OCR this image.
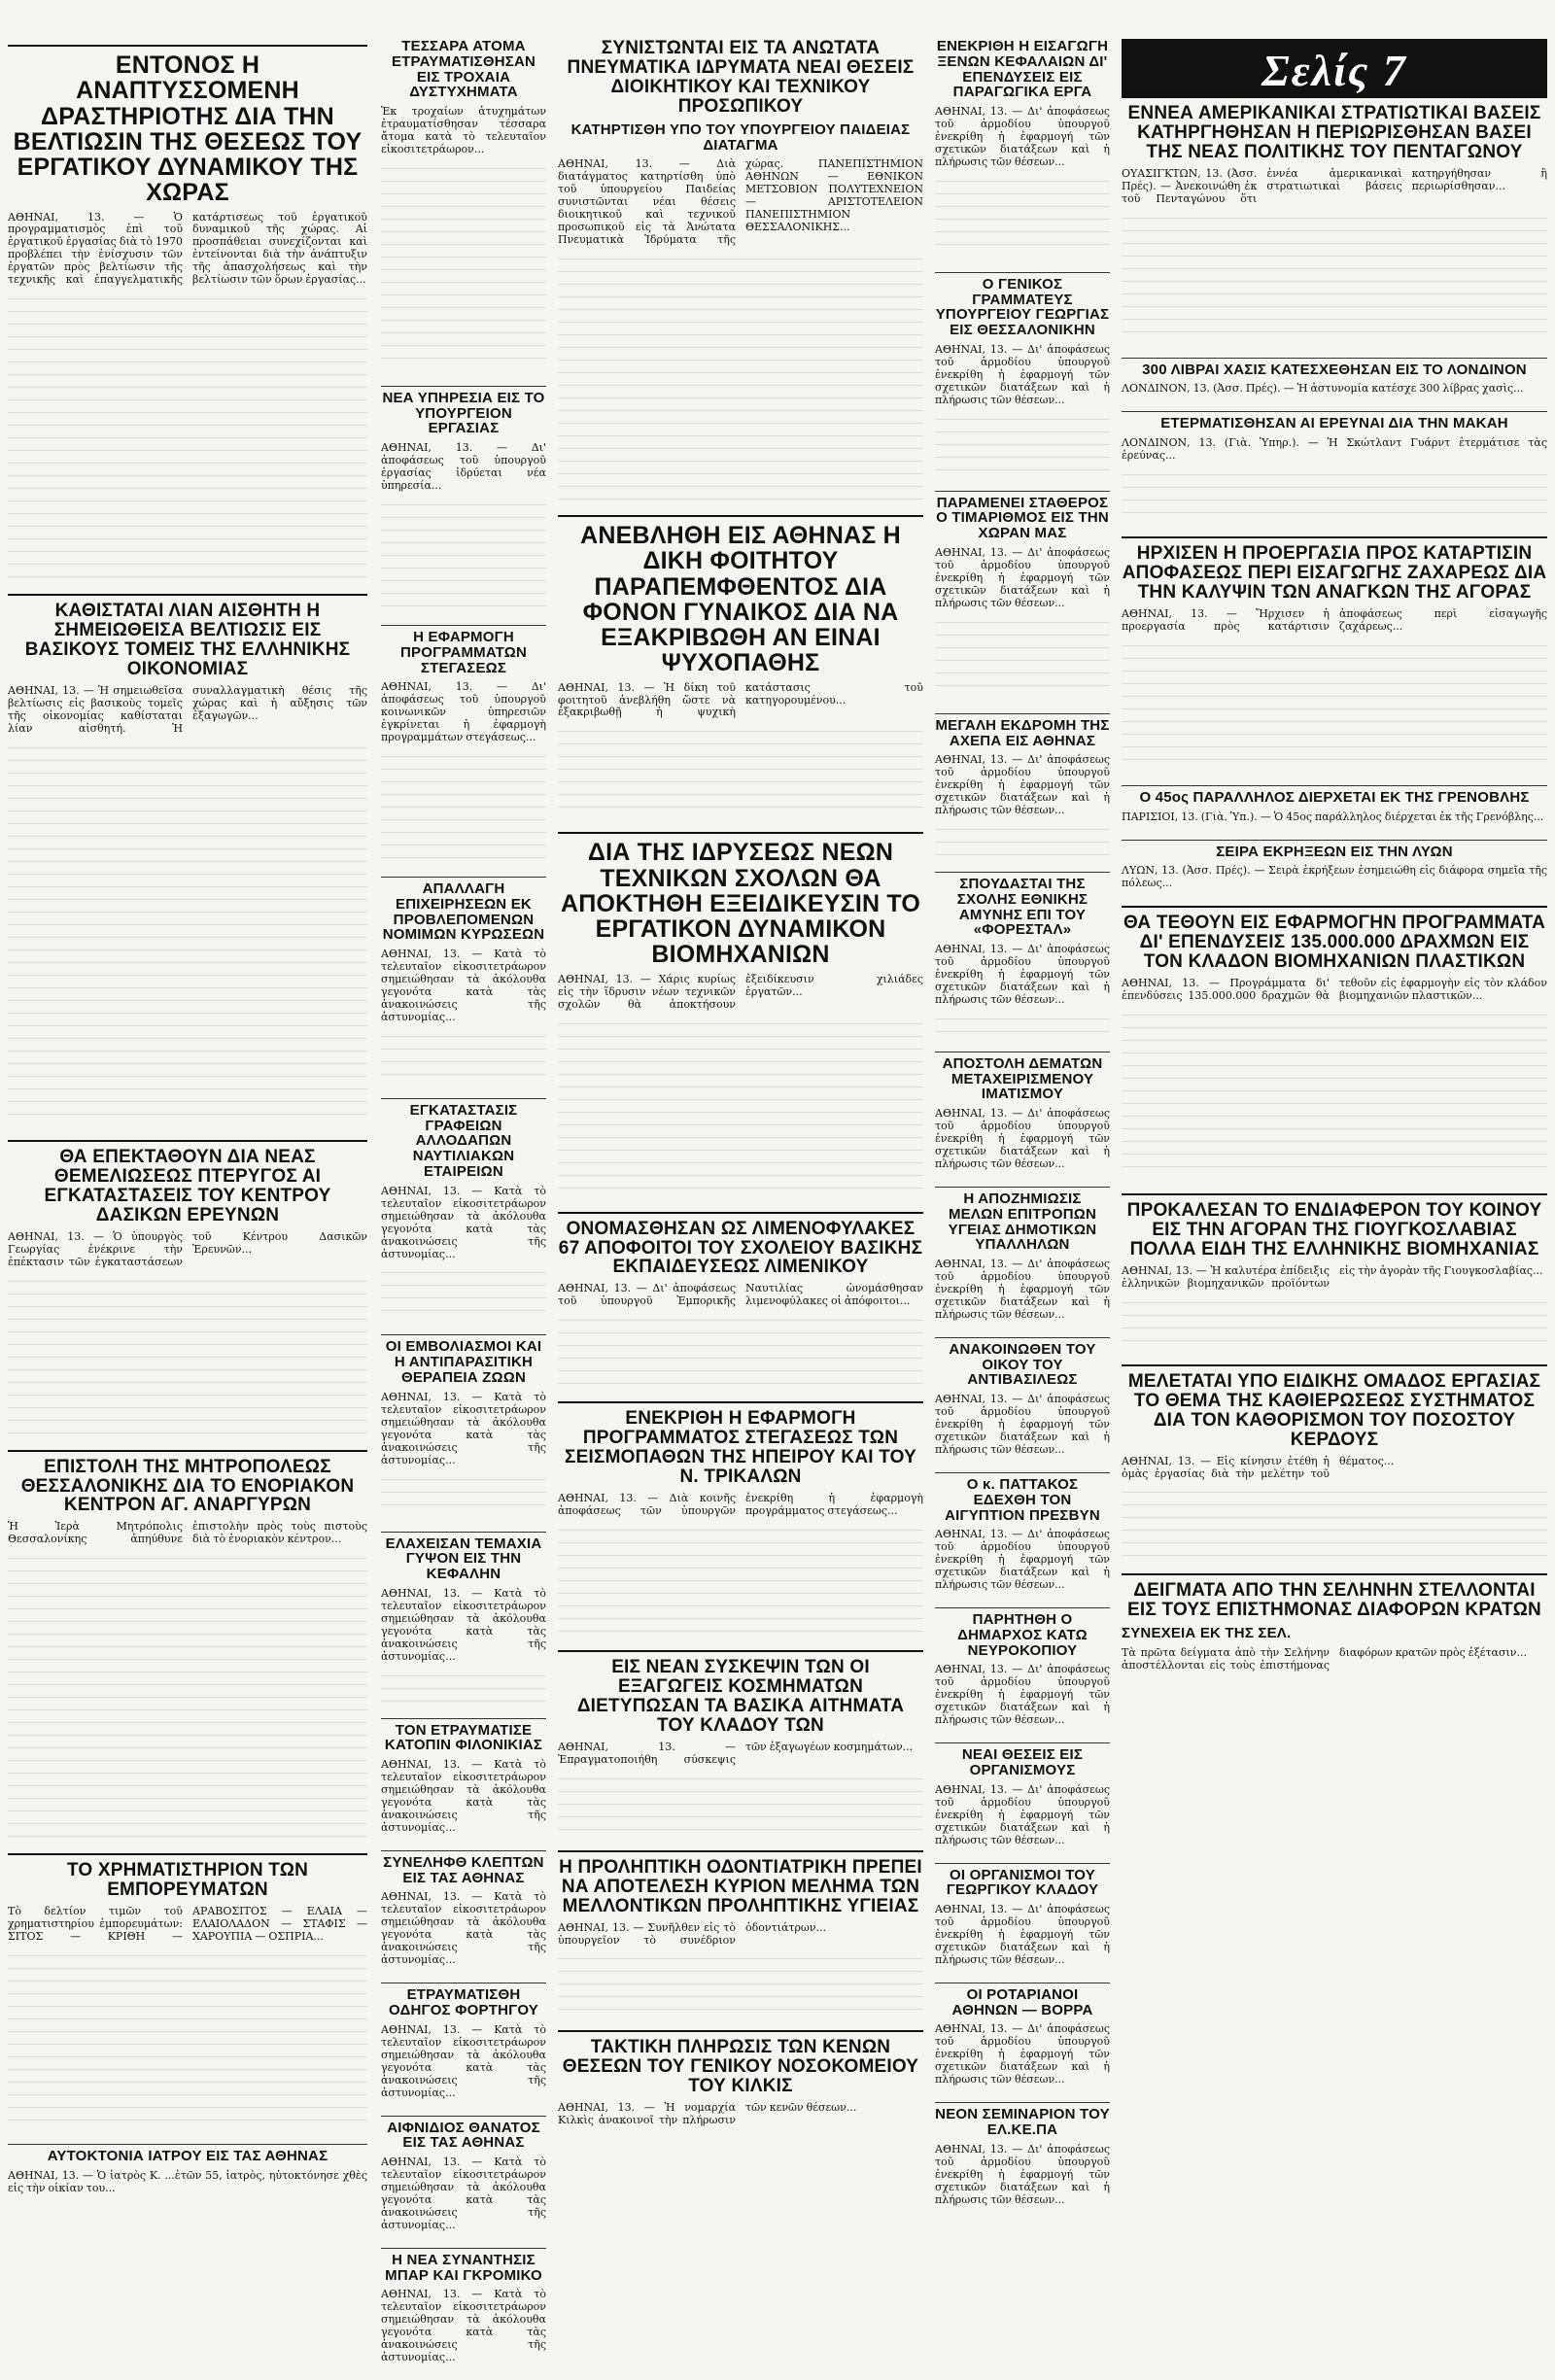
ΕΝΤΟΝΟΣ Η ΑΝΑΠΤΥΣΣΟΜΕΝΗ ΔΡΑΣΤΗΡΙΟΤΗΣ ΔΙΑ ΤΗΝ ΒΕΛΤΙΩΣΙΝ ΤΗΣ ΘΕΣΕΩΣ ΤΟΥ ΕΡΓΑΤΙΚΟΥ ΔΥΝΑΜΙΚΟΥ ΤΗΣ ΧΩΡΑΣ

ΑΘΗΝΑΙ, 13. — Ὁ προγραμματισμὸς ἐπὶ τοῦ ἐργατικοῦ ἐργασίας διὰ τὸ 1970 προβλέπει τὴν ἐνίσχυσιν τῶν ἐργατῶν πρὸς βελτίωσιν τῆς τεχνικῆς καὶ ἐπαγγελματικῆς κατάρτισεως τοῦ ἐργατικοῦ δυναμικοῦ τῆς χώρας. Αἱ προσπάθειαι συνεχίζονται καὶ ἐντείνονται διὰ τὴν ἀνάπτυξιν τῆς ἀπασχολήσεως καὶ τὴν βελτίωσιν τῶν ὅρων ἐργασίας...

ΚΑΘΙΣΤΑΤΑΙ ΛΙΑΝ ΑΙΣΘΗΤΗ Η ΣΗΜΕΙΩΘΕΙΣΑ ΒΕΛΤΙΩΣΙΣ ΕΙΣ ΒΑΣΙΚΟΥΣ ΤΟΜΕΙΣ ΤΗΣ ΕΛΛΗΝΙΚΗΣ ΟΙΚΟΝΟΜΙΑΣ

ΑΘΗΝΑΙ, 13. — Ἡ σημειωθεῖσα βελτίωσις εἰς βασικοὺς τομεῖς τῆς οἰκονομίας καθίσταται λίαν αἰσθητή. Ἡ συναλλαγματικὴ θέσις τῆς χώρας καὶ ἡ αὔξησις τῶν ἐξαγωγῶν...

ΘΑ ΕΠΕΚΤΑΘΟΥΝ ΔΙΑ ΝΕΑΣ ΘΕΜΕΛΙΩΣΕΩΣ ΠΤΕΡΥΓΟΣ ΑΙ ΕΓΚΑΤΑΣΤΑΣΕΙΣ ΤΟΥ ΚΕΝΤΡΟΥ ΔΑΣΙΚΩΝ ΕΡΕΥΝΩΝ

ΑΘΗΝΑΙ, 13. — Ὁ ὑπουργὸς Γεωργίας ἐνέκρινε τὴν ἐπέκτασιν τῶν ἐγκαταστάσεων τοῦ Κέντρου Δασικῶν Ἐρευνῶν...

ΕΠΙΣΤΟΛΗ ΤΗΣ ΜΗΤΡΟΠΟΛΕΩΣ ΘΕΣΣΑΛΟΝΙΚΗΣ ΔΙΑ ΤΟ ΕΝΟΡΙΑΚΟΝ ΚΕΝΤΡΟΝ ΑΓ. ΑΝΑΡΓΥΡΩΝ

Ἡ Ἱερὰ Μητρόπολις Θεσσαλονίκης ἀπηύθυνε ἐπιστολὴν πρὸς τοὺς πιστοὺς διὰ τὸ ἐνοριακὸν κέντρον...

ΤΟ ΧΡΗΜΑΤΙΣΤΗΡΙΟΝ ΤΩΝ ΕΜΠΟΡΕΥΜΑΤΩΝ

Τὸ δελτίον τιμῶν τοῦ χρηματιστηρίου ἐμπορευμάτων: ΣΙΤΟΣ — ΚΡΙΘΗ — ΑΡΑΒΟΣΙΤΟΣ — ΕΛΑΙΑ — ΕΛΑΙΟΛΑΔΟΝ — ΣΤΑΦΙΣ — ΧΑΡΟΥΠΙΑ — ΟΣΠΡΙΑ...

ΑΥΤΟΚΤΟΝΙΑ ΙΑΤΡΟΥ ΕΙΣ ΤΑΣ ΑΘΗΝΑΣ

ΑΘΗΝΑΙ, 13. — Ὁ ἰατρὸς Κ. ...ἐτῶν 55, ἰατρὸς, ηὐτοκτόνησε χθὲς εἰς τὴν οἰκίαν του...

ΤΕΣΣΑΡΑ ΑΤΟΜΑ ΕΤΡΑΥΜΑΤΙΣΘΗΣΑΝ ΕΙΣ ΤΡΟΧΑΙΑ ΔΥΣΤΥΧΗΜΑΤΑ

Ἐκ τροχαίων ἀτυχημάτων ἐτραυματίσθησαν τέσσαρα ἄτομα κατὰ τὸ τελευταῖον εἰκοσιτετράωρον...

ΝΕΑ ΥΠΗΡΕΣΙΑ ΕΙΣ ΤΟ ΥΠΟΥΡΓΕΙΟΝ ΕΡΓΑΣΙΑΣ

ΑΘΗΝΑΙ, 13. — Δι' ἀποφάσεως τοῦ ὑπουργοῦ ἐργασίας ἱδρύεται νέα ὑπηρεσία...

Η ΕΦΑΡΜΟΓΗ ΠΡΟΓΡΑΜΜΑΤΩΝ ΣΤΕΓΑΣΕΩΣ

ΑΘΗΝΑΙ, 13. — Δι' ἀποφάσεως τοῦ ὑπουργοῦ κοινωνικῶν ὑπηρεσιῶν ἐγκρίνεται ἡ ἐφαρμογὴ προγραμμάτων στεγάσεως...

ΑΠΑΛΛΑΓΗ ΕΠΙΧΕΙΡΗΣΕΩΝ ΕΚ ΠΡΟΒΛΕΠΟΜΕΝΩΝ ΝΟΜΙΜΩΝ ΚΥΡΩΣΕΩΝ

ΑΘΗΝΑΙ, 13. — Κατὰ τὸ τελευταῖον εἰκοσιτετράωρον σημειώθησαν τὰ ἀκόλουθα γεγονότα κατὰ τὰς ἀνακοινώσεις τῆς ἀστυνομίας...

ΕΓΚΑΤΑΣΤΑΣΙΣ ΓΡΑΦΕΙΩΝ ΑΛΛΟΔΑΠΩΝ ΝΑΥΤΙΛΙΑΚΩΝ ΕΤΑΙΡΕΙΩΝ

ΑΘΗΝΑΙ, 13. — Κατὰ τὸ τελευταῖον εἰκοσιτετράωρον σημειώθησαν τὰ ἀκόλουθα γεγονότα κατὰ τὰς ἀνακοινώσεις τῆς ἀστυνομίας...

ΟΙ ΕΜΒΟΛΙΑΣΜΟΙ ΚΑΙ Η ΑΝΤΙΠΑΡΑΣΙΤΙΚΗ ΘΕΡΑΠΕΙΑ ΖΩΩΝ

ΑΘΗΝΑΙ, 13. — Κατὰ τὸ τελευταῖον εἰκοσιτετράωρον σημειώθησαν τὰ ἀκόλουθα γεγονότα κατὰ τὰς ἀνακοινώσεις τῆς ἀστυνομίας...

ΕΛΑΧΕΙΣΑΝ ΤΕΜΑΧΙΑ ΓΥΨΟΝ ΕΙΣ ΤΗΝ ΚΕΦΑΛΗΝ

ΑΘΗΝΑΙ, 13. — Κατὰ τὸ τελευταῖον εἰκοσιτετράωρον σημειώθησαν τὰ ἀκόλουθα γεγονότα κατὰ τὰς ἀνακοινώσεις τῆς ἀστυνομίας...

ΤΟΝ ΕΤΡΑΥΜΑΤΙΣΕ ΚΑΤΟΠΙΝ ΦΙΛΟΝΙΚΙΑΣ

ΑΘΗΝΑΙ, 13. — Κατὰ τὸ τελευταῖον εἰκοσιτετράωρον σημειώθησαν τὰ ἀκόλουθα γεγονότα κατὰ τὰς ἀνακοινώσεις τῆς ἀστυνομίας...

ΣΥΝΕΛΗΦΘ ΚΛΕΠΤΩΝ ΕΙΣ ΤΑΣ ΑΘΗΝΑΣ

ΑΘΗΝΑΙ, 13. — Κατὰ τὸ τελευταῖον εἰκοσιτετράωρον σημειώθησαν τὰ ἀκόλουθα γεγονότα κατὰ τὰς ἀνακοινώσεις τῆς ἀστυνομίας...

ΕΤΡΑΥΜΑΤΙΣΘΗ ΟΔΗΓΟΣ ΦΟΡΤΗΓΟΥ

ΑΘΗΝΑΙ, 13. — Κατὰ τὸ τελευταῖον εἰκοσιτετράωρον σημειώθησαν τὰ ἀκόλουθα γεγονότα κατὰ τὰς ἀνακοινώσεις τῆς ἀστυνομίας...

ΑΙΦΝΙΔΙΟΣ ΘΑΝΑΤΟΣ ΕΙΣ ΤΑΣ ΑΘΗΝΑΣ

ΑΘΗΝΑΙ, 13. — Κατὰ τὸ τελευταῖον εἰκοσιτετράωρον σημειώθησαν τὰ ἀκόλουθα γεγονότα κατὰ τὰς ἀνακοινώσεις τῆς ἀστυνομίας...

Η ΝΕΑ ΣΥΝΑΝΤΗΣΙΣ ΜΠΑΡ ΚΑΙ ΓΚΡΟΜΙΚΟ

ΑΘΗΝΑΙ, 13. — Κατὰ τὸ τελευταῖον εἰκοσιτετράωρον σημειώθησαν τὰ ἀκόλουθα γεγονότα κατὰ τὰς ἀνακοινώσεις τῆς ἀστυνομίας...

ΣΥΝΙΣΤΩΝΤΑΙ ΕΙΣ ΤΑ ΑΝΩΤΑΤΑ ΠΝΕΥΜΑΤΙΚΑ ΙΔΡΥΜΑΤΑ ΝΕΑΙ ΘΕΣΕΙΣ ΔΙΟΙΚΗΤΙΚΟΥ ΚΑΙ ΤΕΧΝΙΚΟΥ ΠΡΟΣΩΠΙΚΟΥ
ΚΑΤΗΡΤΙΣΘΗ ΥΠΟ ΤΟΥ ΥΠΟΥΡΓΕΙΟΥ ΠΑΙΔΕΙΑΣ ΔΙΑΤΑΓΜΑ

ΑΘΗΝΑΙ, 13. — Διὰ διατάγματος κατηρτίσθη ὑπὸ τοῦ ὑπουργείου Παιδείας συνιστῶνται νέαι θέσεις διοικητικοῦ καὶ τεχνικοῦ προσωπικοῦ εἰς τὰ Ἀνώτατα Πνευματικὰ Ἱδρύματα τῆς χώρας. ΠΑΝΕΠΙΣΤΗΜΙΟΝ ΑΘΗΝΩΝ — ΕΘΝΙΚΟΝ ΜΕΤΣΟΒΙΟΝ ΠΟΛΥΤΕΧΝΕΙΟΝ — ΑΡΙΣΤΟΤΕΛΕΙΟΝ ΠΑΝΕΠΙΣΤΗΜΙΟΝ ΘΕΣΣΑΛΟΝΙΚΗΣ...

ΑΝΕΒΛΗΘΗ ΕΙΣ ΑΘΗΝΑΣ Η ΔΙΚΗ ΦΟΙΤΗΤΟΥ ΠΑΡΑΠΕΜΦΘΕΝΤΟΣ ΔΙΑ ΦΟΝΟΝ ΓΥΝΑΙΚΟΣ ΔΙΑ ΝΑ ΕΞΑΚΡΙΒΩΘΗ ΑΝ ΕΙΝΑΙ ΨΥΧΟΠΑΘΗΣ

ΑΘΗΝΑΙ, 13. — Ἡ δίκη τοῦ φοιτητοῦ ἀνεβλήθη ὥστε νὰ ἐξακριβωθῇ ἡ ψυχικὴ κατάστασις τοῦ κατηγορουμένου...

ΔΙΑ ΤΗΣ ΙΔΡΥΣΕΩΣ ΝΕΩΝ ΤΕΧΝΙΚΩΝ ΣΧΟΛΩΝ ΘΑ ΑΠΟΚΤΗΘΗ ΕΞΕΙΔΙΚΕΥΣΙΝ ΤΟ ΕΡΓΑΤΙΚΟΝ ΔΥΝΑΜΙΚΟΝ ΒΙΟΜΗΧΑΝΙΩΝ

ΑΘΗΝΑΙ, 13. — Χάρις κυρίως εἰς τὴν ἵδρυσιν νέων τεχνικῶν σχολῶν θὰ ἀποκτήσουν ἐξειδίκευσιν χιλιάδες ἐργατῶν...

ΟΝΟΜΑΣΘΗΣΑΝ ΩΣ ΛΙΜΕΝΟΦΥΛΑΚΕΣ 67 ΑΠΟΦΟΙΤΟΙ ΤΟΥ ΣΧΟΛΕΙΟΥ ΒΑΣΙΚΗΣ ΕΚΠΑΙΔΕΥΣΕΩΣ ΛΙΜΕΝΙΚΟΥ

ΑΘΗΝΑΙ, 13. — Δι' ἀποφάσεως τοῦ ὑπουργοῦ Ἐμπορικῆς Ναυτιλίας ὠνομάσθησαν λιμενοφύλακες οἱ ἀπόφοιτοι...

ΕΝΕΚΡΙΘΗ Η ΕΦΑΡΜΟΓΗ ΠΡΟΓΡΑΜΜΑΤΟΣ ΣΤΕΓΑΣΕΩΣ ΤΩΝ ΣΕΙΣΜΟΠΑΘΩΝ ΤΗΣ ΗΠΕΙΡΟΥ ΚΑΙ ΤΟΥ Ν. ΤΡΙΚΑΛΩΝ

ΑΘΗΝΑΙ, 13. — Διὰ κοινῆς ἀποφάσεως τῶν ὑπουργῶν ἐνεκρίθη ἡ ἐφαρμογὴ προγράμματος στεγάσεως...

ΕΙΣ ΝΕΑΝ ΣΥΣΚΕΨΙΝ ΤΩΝ ΟΙ ΕΞΑΓΩΓΕΙΣ ΚΟΣΜΗΜΑΤΩΝ ΔΙΕΤΥΠΩΣΑΝ ΤΑ ΒΑΣΙΚΑ ΑΙΤΗΜΑΤΑ ΤΟΥ ΚΛΑΔΟΥ ΤΩΝ

ΑΘΗΝΑΙ, 13. — Ἐπραγματοποιήθη σύσκεψις τῶν ἐξαγωγέων κοσμημάτων...

Η ΠΡΟΛΗΠΤΙΚΗ ΟΔΟΝΤΙΑΤΡΙΚΗ ΠΡΕΠΕΙ ΝΑ ΑΠΟΤΕΛΕΣΗ ΚΥΡΙΟΝ ΜΕΛΗΜΑ ΤΩΝ ΜΕΛΛΟΝΤΙΚΩΝ ΠΡΟΛΗΠΤΙΚΗΣ ΥΓΙΕΙΑΣ

ΑΘΗΝΑΙ, 13. — Συνῆλθεν εἰς τὸ ὑπουργεῖον τὸ συνέδριον ὀδοντιάτρων...

ΤΑΚΤΙΚΗ ΠΛΗΡΩΣΙΣ ΤΩΝ ΚΕΝΩΝ ΘΕΣΕΩΝ ΤΟΥ ΓΕΝΙΚΟΥ ΝΟΣΟΚΟΜΕΙΟΥ ΤΟΥ ΚΙΛΚΙΣ

ΑΘΗΝΑΙ, 13. — Ἡ νομαρχία Κιλκὶς ἀνακοινοῖ τὴν πλήρωσιν τῶν κενῶν θέσεων...

ΕΝΕΚΡΙΘΗ Η ΕΙΣΑΓΩΓΗ ΞΕΝΩΝ ΚΕΦΑΛΑΙΩΝ ΔΙ' ΕΠΕΝΔΥΣΕΙΣ ΕΙΣ ΠΑΡΑΓΩΓΙΚΑ ΕΡΓΑ

ΑΘΗΝΑΙ, 13. — Δι' ἀποφάσεως τοῦ ἁρμοδίου ὑπουργοῦ ἐνεκρίθη ἡ ἐφαρμογή τῶν σχετικῶν διατάξεων καὶ ἡ πλήρωσις τῶν θέσεων...

Ο ΓΕΝΙΚΟΣ ΓΡΑΜΜΑΤΕΥΣ ΥΠΟΥΡΓΕΙΟΥ ΓΕΩΡΓΙΑΣ ΕΙΣ ΘΕΣΣΑΛΟΝΙΚΗΝ

ΑΘΗΝΑΙ, 13. — Δι' ἀποφάσεως τοῦ ἁρμοδίου ὑπουργοῦ ἐνεκρίθη ἡ ἐφαρμογή τῶν σχετικῶν διατάξεων καὶ ἡ πλήρωσις τῶν θέσεων...

ΠΑΡΑΜΕΝΕΙ ΣΤΑΘΕΡΟΣ Ο ΤΙΜΑΡΙΘΜΟΣ ΕΙΣ ΤΗΝ ΧΩΡΑΝ ΜΑΣ

ΑΘΗΝΑΙ, 13. — Δι' ἀποφάσεως τοῦ ἁρμοδίου ὑπουργοῦ ἐνεκρίθη ἡ ἐφαρμογή τῶν σχετικῶν διατάξεων καὶ ἡ πλήρωσις τῶν θέσεων...

ΜΕΓΑΛΗ ΕΚΔΡΟΜΗ ΤΗΣ ΑΧΕΠΑ ΕΙΣ ΑΘΗΝΑΣ

ΑΘΗΝΑΙ, 13. — Δι' ἀποφάσεως τοῦ ἁρμοδίου ὑπουργοῦ ἐνεκρίθη ἡ ἐφαρμογή τῶν σχετικῶν διατάξεων καὶ ἡ πλήρωσις τῶν θέσεων...

ΣΠΟΥΔΑΣΤΑΙ ΤΗΣ ΣΧΟΛΗΣ ΕΘΝΙΚΗΣ ΑΜΥΝΗΣ ΕΠΙ ΤΟΥ «ΦΟΡΕΣΤΑΛ»

ΑΘΗΝΑΙ, 13. — Δι' ἀποφάσεως τοῦ ἁρμοδίου ὑπουργοῦ ἐνεκρίθη ἡ ἐφαρμογή τῶν σχετικῶν διατάξεων καὶ ἡ πλήρωσις τῶν θέσεων...

ΑΠΟΣΤΟΛΗ ΔΕΜΑΤΩΝ ΜΕΤΑΧΕΙΡΙΣΜΕΝΟΥ ΙΜΑΤΙΣΜΟΥ

ΑΘΗΝΑΙ, 13. — Δι' ἀποφάσεως τοῦ ἁρμοδίου ὑπουργοῦ ἐνεκρίθη ἡ ἐφαρμογή τῶν σχετικῶν διατάξεων καὶ ἡ πλήρωσις τῶν θέσεων...

Η ΑΠΟΖΗΜΙΩΣΙΣ ΜΕΛΩΝ ΕΠΙΤΡΟΠΩΝ ΥΓΕΙΑΣ ΔΗΜΟΤΙΚΩΝ ΥΠΑΛΛΗΛΩΝ

ΑΘΗΝΑΙ, 13. — Δι' ἀποφάσεως τοῦ ἁρμοδίου ὑπουργοῦ ἐνεκρίθη ἡ ἐφαρμογή τῶν σχετικῶν διατάξεων καὶ ἡ πλήρωσις τῶν θέσεων...

ΑΝΑΚΟΙΝΩΘΕΝ ΤΟΥ ΟΙΚΟΥ ΤΟΥ ΑΝΤΙΒΑΣΙΛΕΩΣ

ΑΘΗΝΑΙ, 13. — Δι' ἀποφάσεως τοῦ ἁρμοδίου ὑπουργοῦ ἐνεκρίθη ἡ ἐφαρμογή τῶν σχετικῶν διατάξεων καὶ ἡ πλήρωσις τῶν θέσεων...

Ο κ. ΠΑΤΤΑΚΟΣ ΕΔΕΧΘΗ ΤΟΝ ΑΙΓΥΠΤΙΟΝ ΠΡΕΣΒΥΝ

ΑΘΗΝΑΙ, 13. — Δι' ἀποφάσεως τοῦ ἁρμοδίου ὑπουργοῦ ἐνεκρίθη ἡ ἐφαρμογή τῶν σχετικῶν διατάξεων καὶ ἡ πλήρωσις τῶν θέσεων...

ΠΑΡΗΤΗΘΗ Ο ΔΗΜΑΡΧΟΣ ΚΑΤΩ ΝΕΥΡΟΚΟΠΙΟΥ

ΑΘΗΝΑΙ, 13. — Δι' ἀποφάσεως τοῦ ἁρμοδίου ὑπουργοῦ ἐνεκρίθη ἡ ἐφαρμογή τῶν σχετικῶν διατάξεων καὶ ἡ πλήρωσις τῶν θέσεων...

ΝΕΑΙ ΘΕΣΕΙΣ ΕΙΣ ΟΡΓΑΝΙΣΜΟΥΣ

ΑΘΗΝΑΙ, 13. — Δι' ἀποφάσεως τοῦ ἁρμοδίου ὑπουργοῦ ἐνεκρίθη ἡ ἐφαρμογή τῶν σχετικῶν διατάξεων καὶ ἡ πλήρωσις τῶν θέσεων...

ΟΙ ΟΡΓΑΝΙΣΜΟΙ ΤΟΥ ΓΕΩΡΓΙΚΟΥ ΚΛΑΔΟΥ

ΑΘΗΝΑΙ, 13. — Δι' ἀποφάσεως τοῦ ἁρμοδίου ὑπουργοῦ ἐνεκρίθη ἡ ἐφαρμογή τῶν σχετικῶν διατάξεων καὶ ἡ πλήρωσις τῶν θέσεων...

ΟΙ ΡΟΤΑΡΙΑΝΟΙ ΑΘΗΝΩΝ — ΒΟΡΡΑ

ΑΘΗΝΑΙ, 13. — Δι' ἀποφάσεως τοῦ ἁρμοδίου ὑπουργοῦ ἐνεκρίθη ἡ ἐφαρμογή τῶν σχετικῶν διατάξεων καὶ ἡ πλήρωσις τῶν θέσεων...

ΝΕΟΝ ΣΕΜΙΝΑΡΙΟΝ ΤΟΥ ΕΛ.ΚΕ.ΠΑ

ΑΘΗΝΑΙ, 13. — Δι' ἀποφάσεως τοῦ ἁρμοδίου ὑπουργοῦ ἐνεκρίθη ἡ ἐφαρμογή τῶν σχετικῶν διατάξεων καὶ ἡ πλήρωσις τῶν θέσεων...

Σελίς 7
ΕΝΝΕΑ ΑΜΕΡΙΚΑΝΙΚΑΙ ΣΤΡΑΤΙΩΤΙΚΑΙ ΒΑΣΕΙΣ ΚΑΤΗΡΓΗΘΗΣΑΝ Η ΠΕΡΙΩΡΙΣΘΗΣΑΝ ΒΑΣΕΙ ΤΗΣ ΝΕΑΣ ΠΟΛΙΤΙΚΗΣ ΤΟΥ ΠΕΝΤΑΓΩΝΟΥ

ΟΥΑΣΙΓΚΤΩΝ, 13. (Ἀσσ. Πρές). — Ἀνεκοινώθη ἐκ τοῦ Πενταγώνου ὅτι ἐννέα ἀμερικανικαὶ στρατιωτικαὶ βάσεις κατηργήθησαν ἢ περιωρίσθησαν...

300 ΛΙΒΡΑΙ ΧΑΣΙΣ ΚΑΤΕΣΧΕΘΗΣΑΝ ΕΙΣ ΤΟ ΛΟΝΔΙΝΟΝ

ΛΟΝΔΙΝΟΝ, 13. (Ἀσσ. Πρές). — Ἡ ἀστυνομία κατέσχε 300 λίβρας χασὶς...

ΕΤΕΡΜΑΤΙΣΘΗΣΑΝ ΑΙ ΕΡΕΥΝΑΙ ΔΙΑ ΤΗΝ ΜΑΚΑΗ

ΛΟΝΔΙΝΟΝ, 13. (Γιὰ. Ὑπηρ.). — Ἡ Σκώτλαντ Γυάρντ ἐτερμάτισε τὰς ἐρεύνας...

ΗΡΧΙΣΕΝ Η ΠΡΟΕΡΓΑΣΙΑ ΠΡΟΣ ΚΑΤΑΡΤΙΣΙΝ ΑΠΟΦΑΣΕΩΣ ΠΕΡΙ ΕΙΣΑΓΩΓΗΣ ΖΑΧΑΡΕΩΣ ΔΙΑ ΤΗΝ ΚΑΛΥΨΙΝ ΤΩΝ ΑΝΑΓΚΩΝ ΤΗΣ ΑΓΟΡΑΣ

ΑΘΗΝΑΙ, 13. — Ἤρχισεν ἡ προεργασία πρὸς κατάρτισιν ἀποφάσεως περὶ εἰσαγωγῆς ζαχάρεως...

Ο 45ος ΠΑΡΑΛΛΗΛΟΣ ΔΙΕΡΧΕΤΑΙ ΕΚ ΤΗΣ ΓΡΕΝΟΒΛΗΣ

ΠΑΡΙΣΙΟΙ, 13. (Γιὰ. Ὑπ.). — Ὁ 45ος παράλληλος διέρχεται ἐκ τῆς Γρενόβλης...

ΣΕΙΡΑ ΕΚΡΗΞΕΩΝ ΕΙΣ ΤΗΝ ΛΥΩΝ

ΛΥΩΝ, 13. (Ἀσσ. Πρές). — Σειρὰ ἐκρήξεων ἐσημειώθη εἰς διάφορα σημεῖα τῆς πόλεως...

ΘΑ ΤΕΘΟΥΝ ΕΙΣ ΕΦΑΡΜΟΓΗΝ ΠΡΟΓΡΑΜΜΑΤΑ ΔΙ' ΕΠΕΝΔΥΣΕΙΣ 135.000.000 ΔΡΑΧΜΩΝ ΕΙΣ ΤΟΝ ΚΛΑΔΟΝ ΒΙΟΜΗΧΑΝΙΩΝ ΠΛΑΣΤΙΚΩΝ

ΑΘΗΝΑΙ, 13. — Προγράμματα δι' ἐπενδύσεις 135.000.000 δραχμῶν θὰ τεθοῦν εἰς ἐφαρμογὴν εἰς τὸν κλάδον βιομηχανιῶν πλαστικῶν...

ΠΡΟΚΑΛΕΣΑΝ ΤΟ ΕΝΔΙΑΦΕΡΟΝ ΤΟΥ ΚΟΙΝΟΥ ΕΙΣ ΤΗΝ ΑΓΟΡΑΝ ΤΗΣ ΓΙΟΥΓΚΟΣΛΑΒΙΑΣ ΠΟΛΛΑ ΕΙΔΗ ΤΗΣ ΕΛΛΗΝΙΚΗΣ ΒΙΟΜΗΧΑΝΙΑΣ

ΑΘΗΝΑΙ, 13. — Ἡ καλυτέρα ἐπίδειξις ἑλληνικῶν βιομηχανικῶν προϊόντων εἰς τὴν ἀγορὰν τῆς Γιουγκοσλαβίας...

ΜΕΛΕΤΑΤΑΙ ΥΠΟ ΕΙΔΙΚΗΣ ΟΜΑΔΟΣ ΕΡΓΑΣΙΑΣ ΤΟ ΘΕΜΑ ΤΗΣ ΚΑΘΙΕΡΩΣΕΩΣ ΣΥΣΤΗΜΑΤΟΣ ΔΙΑ ΤΟΝ ΚΑΘΟΡΙΣΜΟΝ ΤΟΥ ΠΟΣΟΣΤΟΥ ΚΕΡΔΟΥΣ

ΑΘΗΝΑΙ, 13. — Εἰς κίνησιν ἐτέθη ἡ ὁμὰς ἐργασίας διὰ τὴν μελέτην τοῦ θέματος...

ΔΕΙΓΜΑΤΑ ΑΠΟ ΤΗΝ ΣΕΛΗΝΗΝ ΣΤΕΛΛΟΝΤΑΙ ΕΙΣ ΤΟΥΣ ΕΠΙΣΤΗΜΟΝΑΣ ΔΙΑΦΟΡΩΝ ΚΡΑΤΩΝ
ΣΥΝΕΧΕΙΑ ΕΚ ΤΗΣ ΣΕΛ.

Τὰ πρῶτα δείγματα ἀπὸ τὴν Σελήνην ἀποστέλλονται εἰς τοὺς ἐπιστήμονας διαφόρων κρατῶν πρὸς ἐξέτασιν...
